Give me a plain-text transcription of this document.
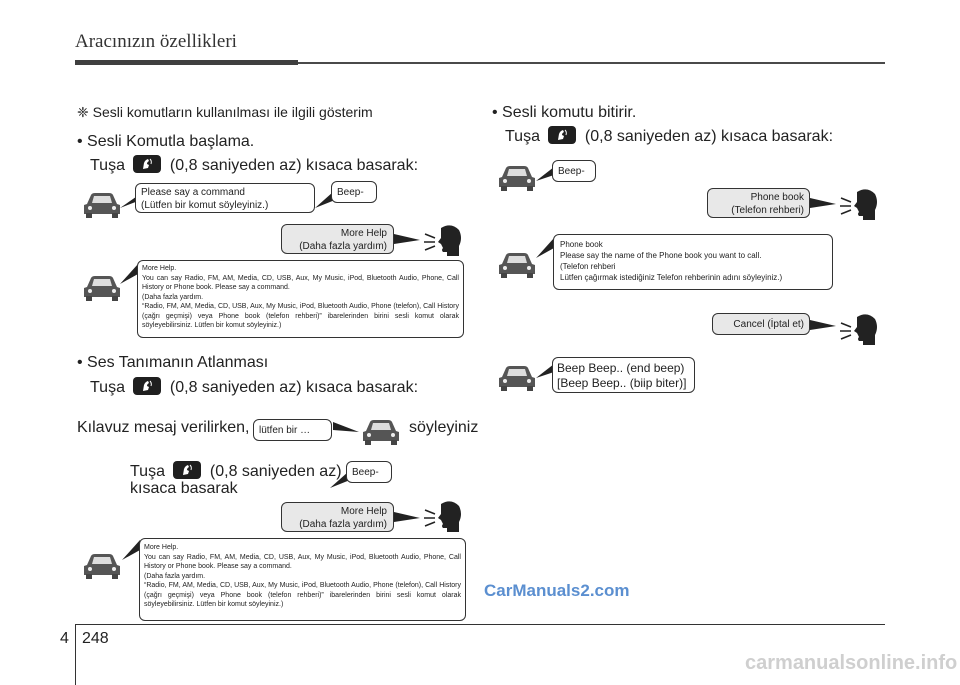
Aracınızın özellikleri
❈ Sesli komutların kullanılması ile ilgili gösterim
• Sesli Komutla başlama.
Tuşa	(0,8 saniyeden az) kısaca basarak:
Please say a command
(Lütfen bir komut söyleyiniz.)
Beep-
More Help
(Daha fazla yardım)
More Help.
You can say Radio, FM, AM, Media, CD, USB, Aux, My Music, iPod, Bluetooth Audio, Phone, Call History or Phone book. Please say a command.
(Daha fazla yardım.
“Radio, FM, AM, Media, CD, USB, Aux, My Music, iPod, Bluetooth Audio, Phone (telefon), Call History (çağrı geçmişi) veya Phone book (telefon rehberi)” ibarelerinden birini sesli komut olarak söyleyebilirsiniz. Lütfen bir komut söyleyiniz.)
• Ses Tanımanın Atlanması
Tuşa	(0,8 saniyeden az) kısaca basarak:
Kılavuz mesaj verilirken, lütfen bir …	söyleyiniz
Tuşa	(0,8 saniyeden az)
kısaca basarak
Beep-
More Help
(Daha fazla yardım)
More Help.
You can say Radio, FM, AM, Media, CD, USB, Aux, My Music, iPod, Bluetooth Audio, Phone, Call History or Phone book. Please say a command.
(Daha fazla yardım.
“Radio, FM, AM, Media, CD, USB, Aux, My Music, iPod, Bluetooth Audio, Phone (telefon), Call History (çağrı geçmişi) veya Phone book (telefon rehberi)” ibarelerinden birini sesli komut olarak söyleyebilirsiniz. Lütfen bir komut söyleyiniz.)
• Sesli komutu bitirir.
Tuşa	(0,8 saniyeden az) kısaca basarak:
Beep-
Phone book
(Telefon rehberi)
Phone book
Please say the name of the Phone book you want to call.
(Telefon rehberi
Lütfen çağırmak istediğiniz Telefon rehberinin adını söyleyiniz.)
Cancel (İptal et)
Beep Beep.. (end beep)
[Beep Beep.. (biip biter)]
CarManuals2.com
4 248
carmanualsonline.info
